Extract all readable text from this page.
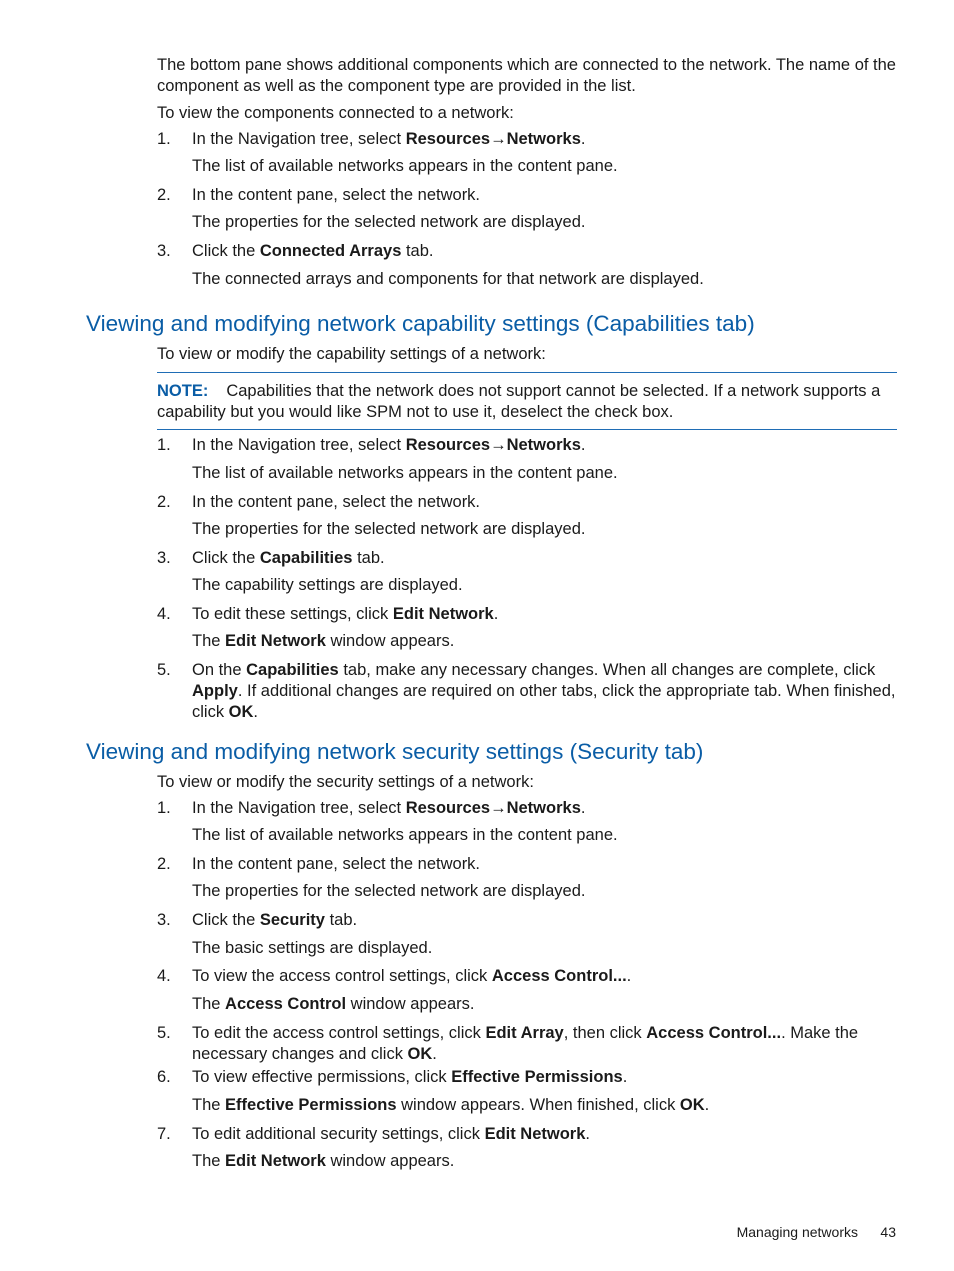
The bottom pane shows additional components which are connected to the network. The name of the component as well as the component type are provided in the list.

To view the components connected to a network:

1.	In the Navigation tree, select Resources→Networks.

The list of available networks appears in the content pane.

2.	In the content pane, select the network.

The properties for the selected network are displayed.

3.	Click the Connected Arrays tab.

The connected arrays and components for that network are displayed.

Viewing and modifying network capability settings (Capabilities tab)

To view or modify the capability settings of a network:

NOTE: Capabilities that the network does not support cannot be selected. If a network supports a capability but you would like SPM not to use it, deselect the check box.
1.	In the Navigation tree, select Resources→Networks.

The list of available networks appears in the content pane.

2.	In the content pane, select the network.

The properties for the selected network are displayed.

3.	Click the Capabilities tab.

The capability settings are displayed.

4.	To edit these settings, click Edit Network.

The Edit Network window appears.

5.	On the Capabilities tab, make any necessary changes. When all changes are complete, click Apply. If additional changes are required on other tabs, click the appropriate tab. When finished, click OK.

Viewing and modifying network security settings (Security tab)

To view or modify the security settings of a network:

1.	In the Navigation tree, select Resources→Networks.

The list of available networks appears in the content pane.

2.	In the content pane, select the network.

The properties for the selected network are displayed.

3.	Click the Security tab.

The basic settings are displayed.

4.	To view the access control settings, click Access Control....

The Access Control window appears.

5.	To edit the access control settings, click Edit Array, then click Access Control.... Make the necessary changes and click OK.

6.	To view effective permissions, click Effective Permissions.

The Effective Permissions window appears. When finished, click OK.

7.	To edit additional security settings, click Edit Network.

The Edit Network window appears.

Managing networks 43
